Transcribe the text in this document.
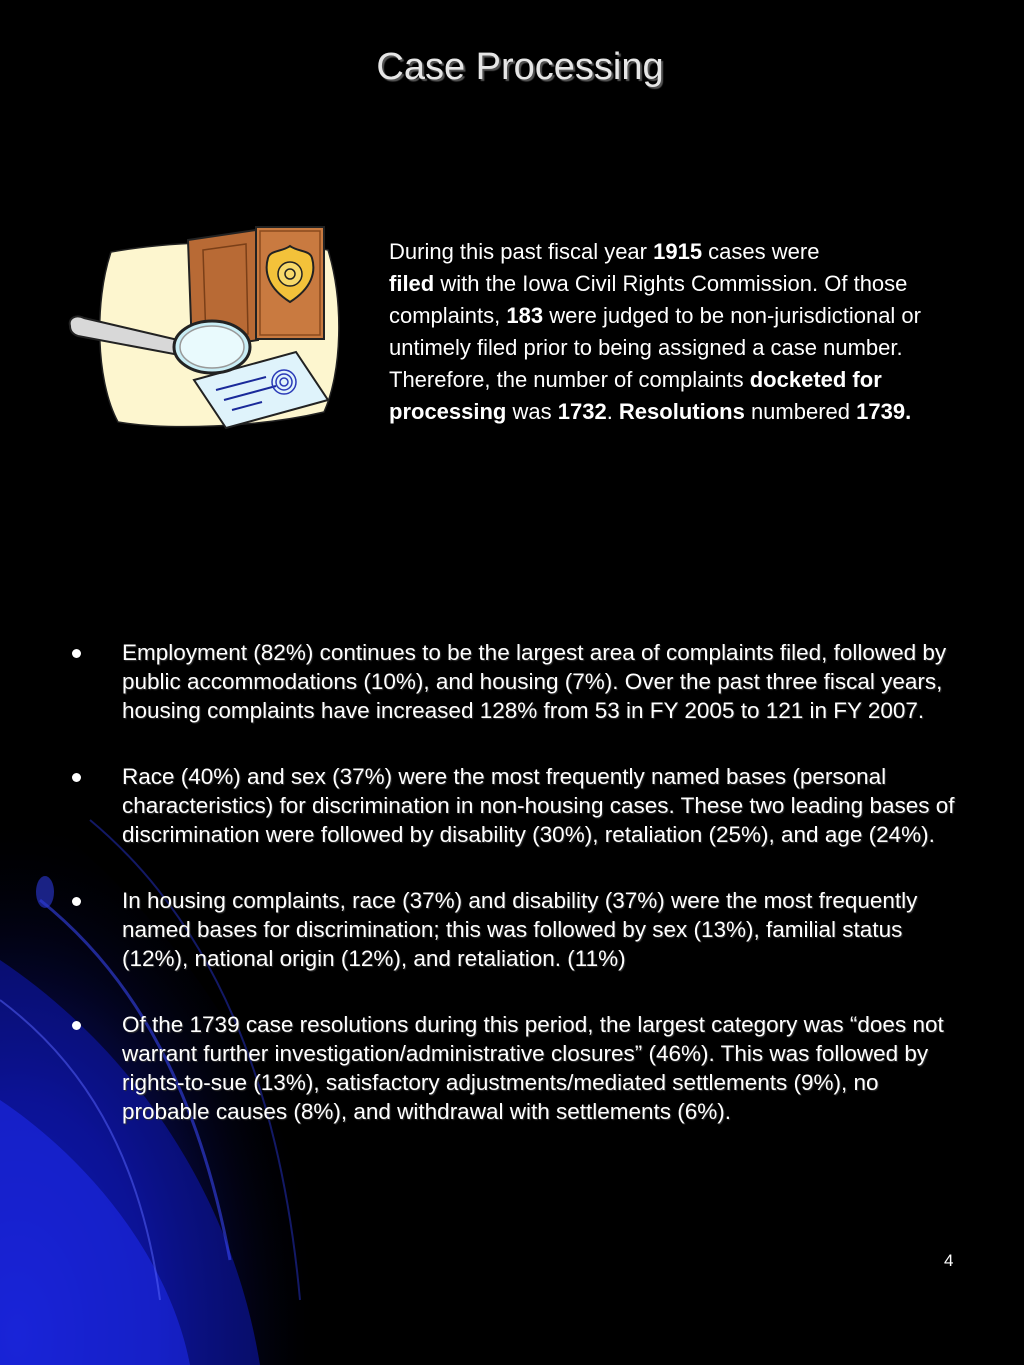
Case Processing
During this past fiscal year 1915 cases were
filed with the Iowa Civil Rights Commission. Of those complaints, 183 were judged to be non-jurisdictional or untimely filed prior to being assigned a case number. Therefore, the number of complaints docketed for processing was 1732. Resolutions numbered 1739.
Employment (82%) continues to be the largest area of complaints filed, followed by public accommodations (10%), and housing (7%). Over the past three fiscal years, housing complaints have increased 128% from 53 in FY 2005 to 121 in FY 2007.
Race (40%) and sex (37%) were the most frequently named bases (personal characteristics) for discrimination in non-housing cases. These two leading bases of discrimination were followed by disability (30%), retaliation (25%), and age (24%).
In housing complaints, race (37%) and disability (37%) were the most frequently named bases for discrimination; this was followed by sex (13%), familial status (12%), national origin (12%), and retaliation. (11%)
Of the 1739 case resolutions during this period, the largest category was “does not warrant further investigation/administrative closures” (46%). This was followed by rights-to-sue (13%), satisfactory adjustments/mediated settlements (9%), no probable causes (8%), and withdrawal with settlements (6%).
4
